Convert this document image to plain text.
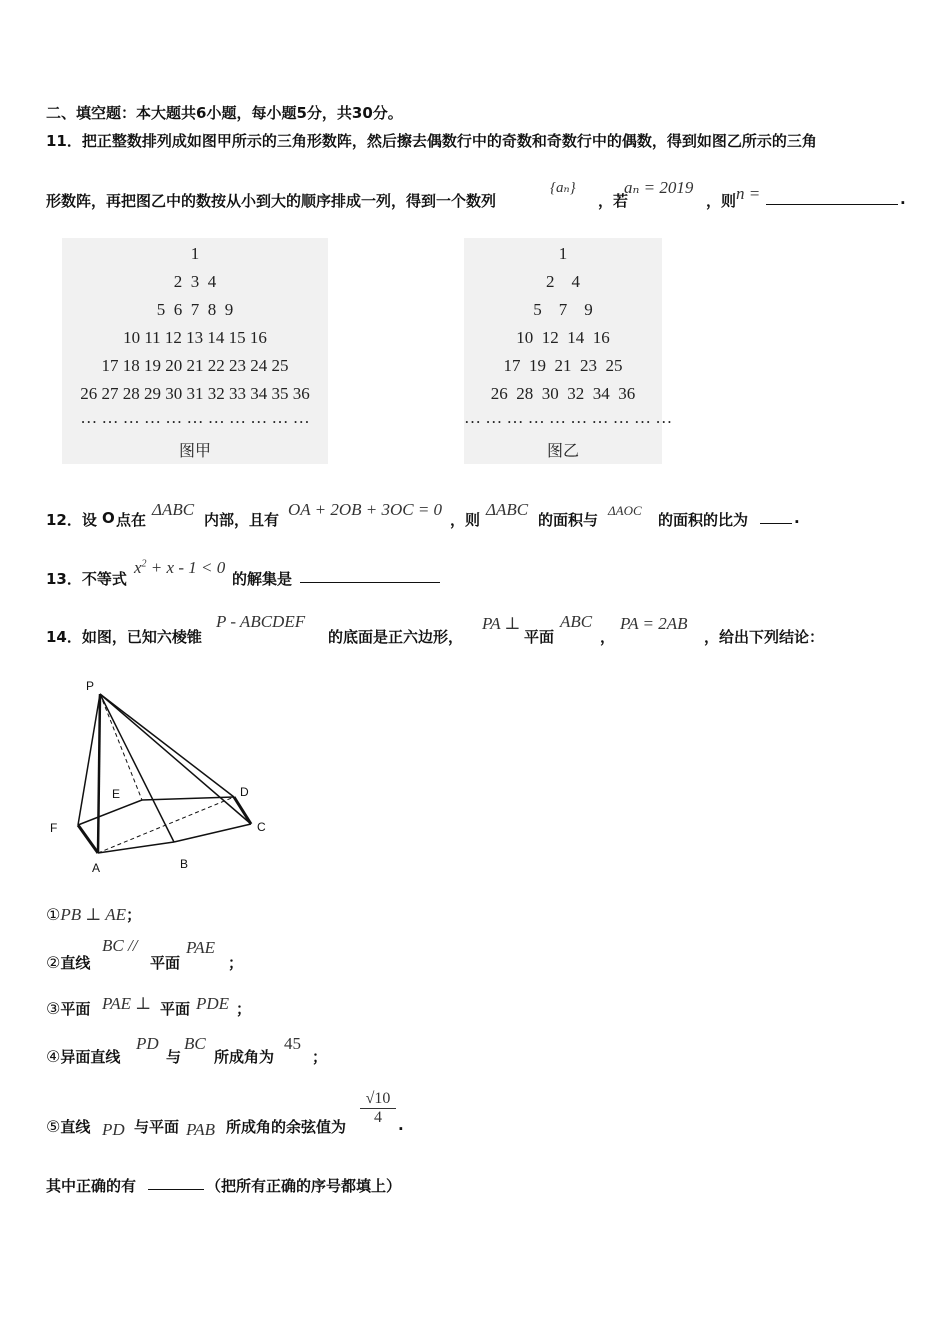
二、填空题：本大题共6小题，每小题5分，共30分。
11．把正整数排列成如图甲所示的三角形数阵，然后擦去偶数行中的奇数和奇数行中的偶数，得到如图乙所示的三角
形数阵，再把图乙中的数按从小到大的顺序排成一列，得到一个数列
{aₙ}
，若
aₙ = 2019
，则 n =	.
1
2  3  4
5  6  7  8  9
10 11 12 13 14 15 16
17 18 19 20 21 22 23 24 25
26 27 28 29 30 31 32 33 34 35 36
… … … … … … … … … … …
图甲
1
2    4
5    7    9
10  12  14  16
17  19  21  23  25
26  28  30  32  34  36
… … … … … … … … … …
图乙
12．设 O 点在
ΔABC
内部，且有
OA + 2OB + 3OC = 0
，则
ΔABC
的面积与
ΔAOC
的面积的比为	.
13．不等式
$x^2 + x - 1 < 0$
的解集是
14．如图，已知六棱锥
P - ABCDEF
的底面是正六边形，
PA ⊥
平面
ABC
，
PA = 2AB
，给出下列结论：
P
E	D
F	C
A	B
①PB ⊥ AE；
②直线
BC //
平面
PAE
；
③平面 PAE ⊥ 平面 PDE ；
④异面直线
PD
与
BC
所成角为
45
；
⑤直线 PD 与平面 PAB 所成角的余弦值为 $\frac{√10}{4}$ .
其中正确的有	（把所有正确的序号都填上）
